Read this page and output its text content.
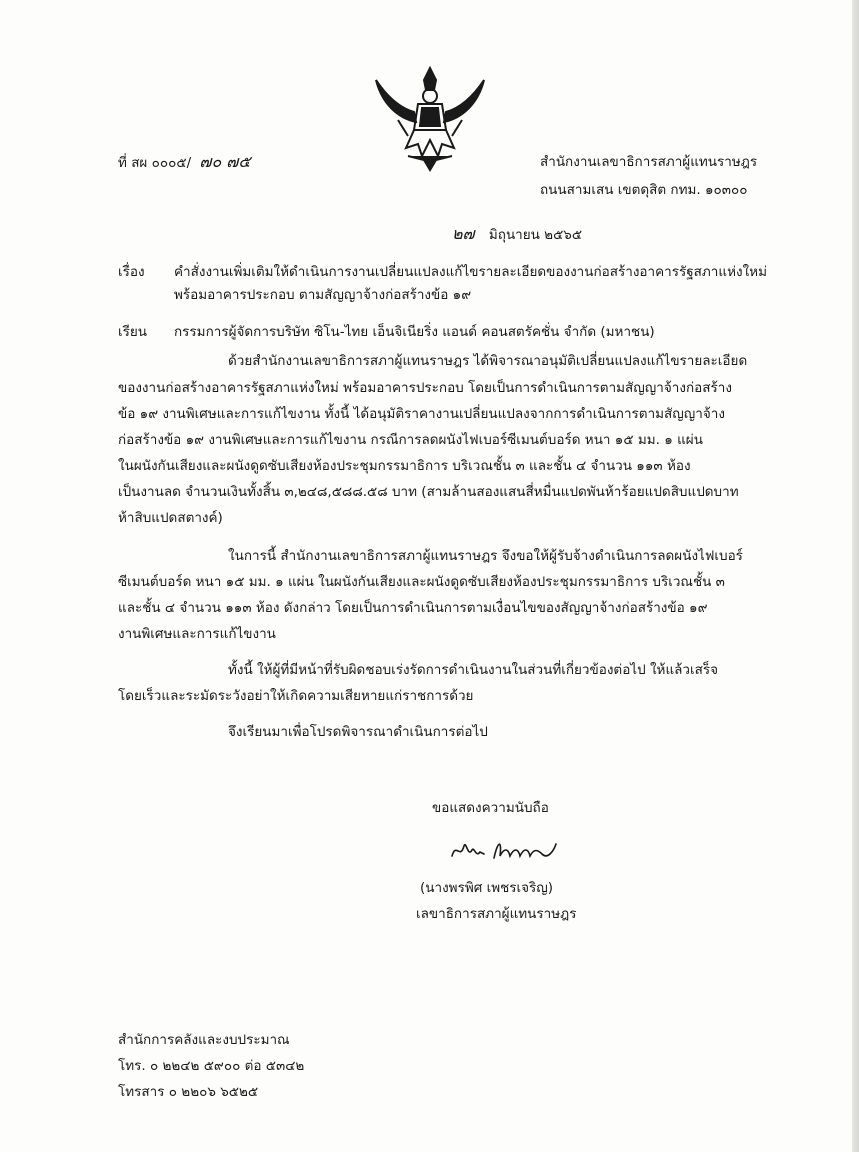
ที่ สผ ๐๐๐๕/ ๗๐ ๗๕	สำนักงานเลขาธิการสภาผู้แทนราษฎร
ถนนสามเสน เขตดุสิต กทม. ๑๐๓๐๐
๒๗ มิถุนายน ๒๕๖๕
เรื่อง คำสั่งงานเพิ่มเติมให้ดำเนินการงานเปลี่ยนแปลงแก้ไขรายละเอียดของงานก่อสร้างอาคารรัฐสภาแห่งใหม่
พร้อมอาคารประกอบ ตามสัญญาจ้างก่อสร้างข้อ ๑๙
เรียน กรรมการผู้จัดการบริษัท ซิโน-ไทย เอ็นจิเนียริ่ง แอนด์ คอนสตรัคชั่น จำกัด (มหาชน)
ด้วยสำนักงานเลขาธิการสภาผู้แทนราษฎร ได้พิจารณาอนุมัติเปลี่ยนแปลงแก้ไขรายละเอียด
ของงานก่อสร้างอาคารรัฐสภาแห่งใหม่ พร้อมอาคารประกอบ โดยเป็นการดำเนินการตามสัญญาจ้างก่อสร้าง
ข้อ ๑๙ งานพิเศษและการแก้ไขงาน ทั้งนี้ ได้อนุมัติราคางานเปลี่ยนแปลงจากการดำเนินการตามสัญญาจ้าง
ก่อสร้างข้อ ๑๙ งานพิเศษและการแก้ไขงาน กรณีการลดผนังไฟเบอร์ซีเมนต์บอร์ด หนา ๑๕ มม. ๑ แผ่น
ในผนังกันเสียงและผนังดูดซับเสียงห้องประชุมกรรมาธิการ บริเวณชั้น ๓ และชั้น ๔ จำนวน ๑๑๓ ห้อง
เป็นงานลด จำนวนเงินทั้งสิ้น ๓,๒๔๘,๕๘๘.๕๘ บาท (สามล้านสองแสนสี่หมื่นแปดพันห้าร้อยแปดสิบแปดบาท
ห้าสิบแปดสตางค์)
ในการนี้ สำนักงานเลขาธิการสภาผู้แทนราษฎร จึงขอให้ผู้รับจ้างดำเนินการลดผนังไฟเบอร์
ซีเมนต์บอร์ด หนา ๑๕ มม. ๑ แผ่น ในผนังกันเสียงและผนังดูดซับเสียงห้องประชุมกรรมาธิการ บริเวณชั้น ๓
และชั้น ๔ จำนวน ๑๑๓ ห้อง ดังกล่าว โดยเป็นการดำเนินการตามเงื่อนไขของสัญญาจ้างก่อสร้างข้อ ๑๙
งานพิเศษและการแก้ไขงาน
ทั้งนี้ ให้ผู้ที่มีหน้าที่รับผิดชอบเร่งรัดการดำเนินงานในส่วนที่เกี่ยวข้องต่อไป ให้แล้วเสร็จ
โดยเร็วและระมัดระวังอย่าให้เกิดความเสียหายแก่ราชการด้วย
จึงเรียนมาเพื่อโปรดพิจารณาดำเนินการต่อไป
ขอแสดงความนับถือ
(นางพรพิศ เพชรเจริญ)
เลขาธิการสภาผู้แทนราษฎร
สำนักการคลังและงบประมาณ
โทร. ๐ ๒๒๔๒ ๕๙๐๐ ต่อ ๕๓๔๒
โทรสาร ๐ ๒๒๐๖ ๖๕๒๕
